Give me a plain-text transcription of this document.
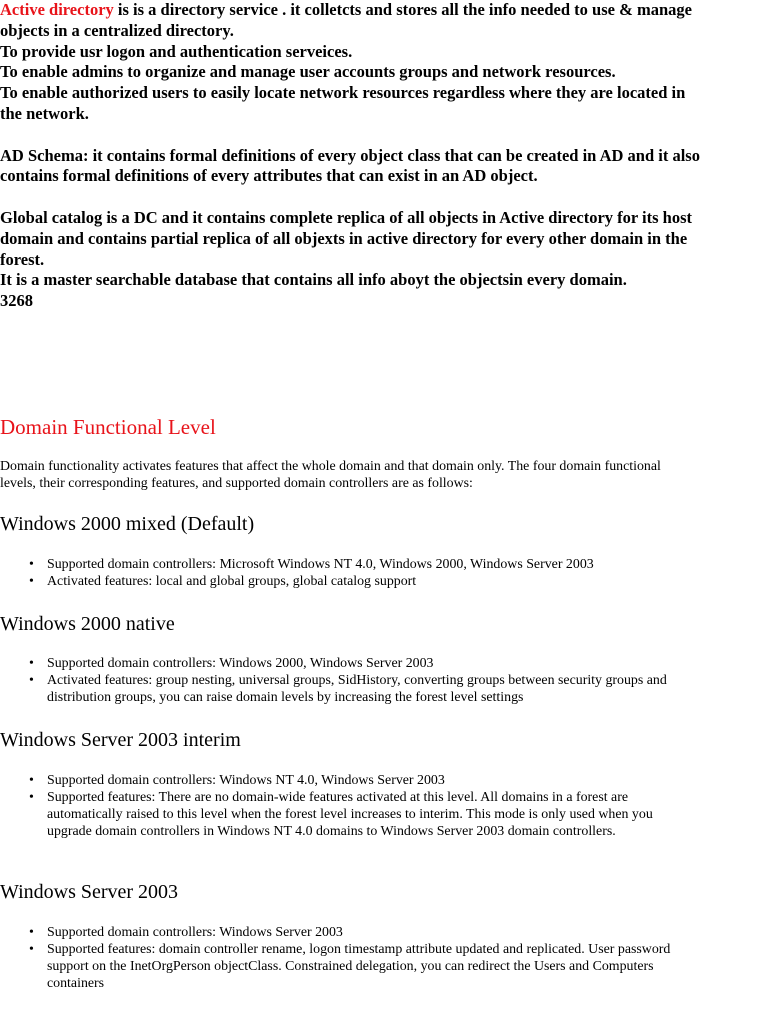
Active directory is is a directory service . it colletcts and stores all the info needed to use & manage objects in a centralized directory.

To provide usr logon and authentication serveices.

To enable admins to organize and manage user accounts groups and network resources.

To enable authorized users to easily locate network resources regardless where they are located in the network.

AD Schema: it contains formal definitions of every object class that can be created in AD and it also contains formal definitions of every attributes that can exist in an AD object.

Global catalog is a DC and it contains complete replica of all objects in Active directory for its host domain and contains partial replica of all objexts in active directory for every other domain in the forest.

It is a master searchable database that contains all info aboyt the objectsin every domain.

3268

Domain Functional Level

Domain functionality activates features that affect the whole domain and that domain only. The four domain functional levels, their corresponding features, and supported domain controllers are as follows:

Windows 2000 mixed (Default)
• Supported domain controllers: Microsoft Windows NT 4.0, Windows 2000, Windows Server 2003
• Activated features: local and global groups, global catalog support
Windows 2000 native
• Supported domain controllers: Windows 2000, Windows Server 2003
• Activated features: group nesting, universal groups, SidHistory, converting groups between security groups and distribution groups, you can raise domain levels by increasing the forest level settings
Windows Server 2003 interim
• Supported domain controllers: Windows NT 4.0, Windows Server 2003
• Supported features: There are no domain-wide features activated at this level. All domains in a forest are automatically raised to this level when the forest level increases to interim. This mode is only used when you upgrade domain controllers in Windows NT 4.0 domains to Windows Server 2003 domain controllers.
Windows Server 2003
• Supported domain controllers: Windows Server 2003
• Supported features: domain controller rename, logon timestamp attribute updated and replicated. User password support on the InetOrgPerson objectClass. Constrained delegation, you can redirect the Users and Computers containers
